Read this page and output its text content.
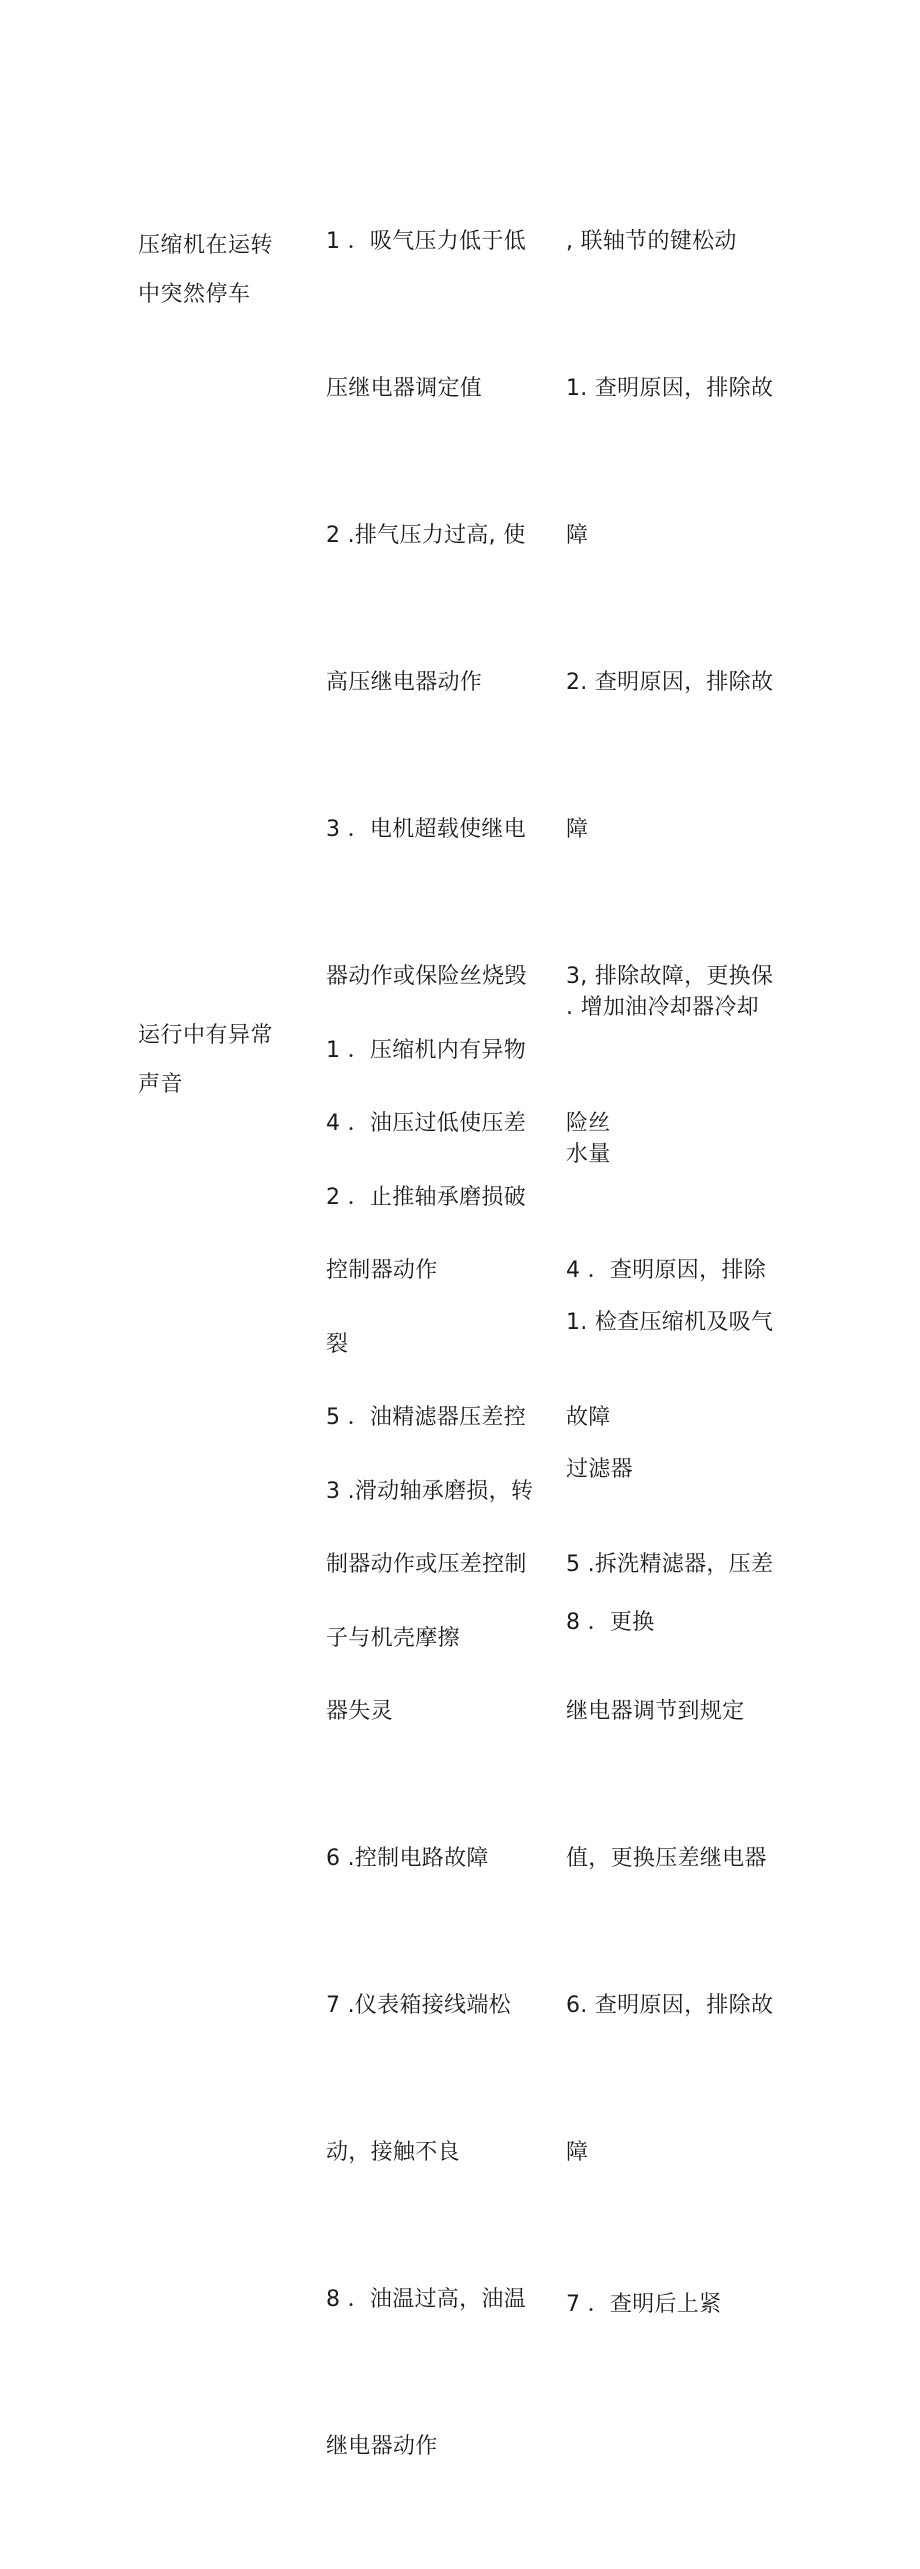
压缩机在运转
中突然停车

1 ．吸气压力低于低

压继电器调定值

2 .排气压力过高, 使

高压继电器动作

3 ．电机超载使继电

器动作或保险丝烧毁

4 ．油压过低使压差

控制器动作

5 ．油精滤器压差控

制器动作或压差控制

器失灵

6 .控制电路故障

7 .仪表箱接线端松

动，接触不良

8 ．油温过高，油温

继电器动作

, 联轴节的键松动

1. 查明原因，排除故

障

2. 查明原因，排除故

障

3, 排除故障，更换保

险丝

4 ．查明原因，排除

故障

5 .拆洗精滤器，压差

继电器调节到规定

值，更换压差继电器

6. 查明原因，排除故

障

7 ．查明后上紧

运行中有异常
声音

1 ．压缩机内有异物

2 ．止推轴承磨损破

裂

3 .滑动轴承磨损，转

子与机壳摩擦

. 增加油冷却器冷却

水量

1. 检查压缩机及吸气

过滤器

8 ．更换
